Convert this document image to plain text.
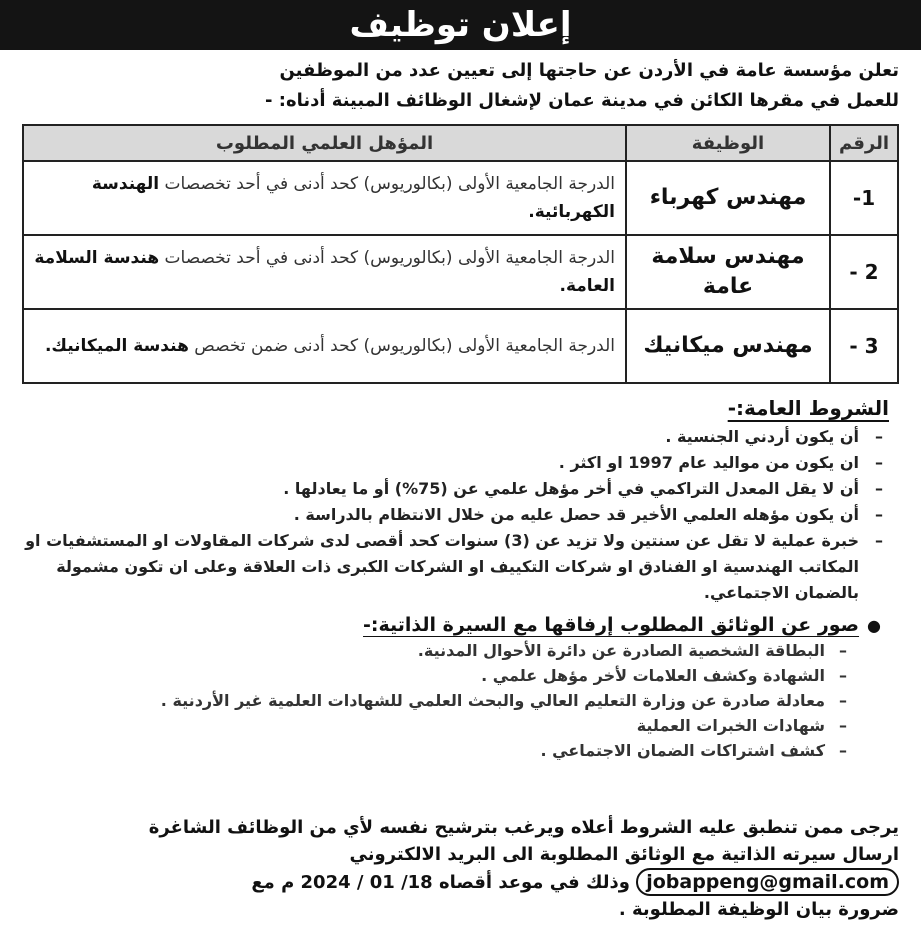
إعلان توظيف
تعلن مؤسسة عامة في الأردن عن حاجتها إلى تعيين عدد من الموظفين
للعمل في مقرها الكائن في مدينة عمان لإشغال الوظائف المبينة أدناه: -
الرقم	الوظيفة	المؤهل العلمي المطلوب
1-	مهندس كهرباء	الدرجة الجامعية الأولى (بكالوريوس) كحد أدنى في أحد تخصصات الهندسة الكهربائية.
2 -	مهندس سلامة عامة	الدرجة الجامعية الأولى (بكالوريوس) كحد أدنى في أحد تخصصات هندسة السلامة العامة.
3 -	مهندس ميكانيك	الدرجة الجامعية الأولى (بكالوريوس) كحد أدنى ضمن تخصص هندسة الميكانيك.
الشروط العامة:-
– أن يكون أردني الجنسية .
– ان يكون من مواليد عام 1997 او اكثر .
– أن لا يقل المعدل التراكمي في أخر مؤهل علمي عن (75%) أو ما يعادلها .
– أن يكون مؤهله العلمي الأخير قد حصل عليه من خلال الانتظام بالدراسة .
– خبرة عملية لا تقل عن سنتين ولا تزيد عن (3) سنوات كحد أقصى لدى شركات المقاولات او المستشفيات او المكاتب الهندسية او الفنادق او شركات التكييف او الشركات الكبرى ذات العلاقة وعلى ان تكون مشمولة بالضمان الاجتماعي.
●صور عن الوثائق المطلوب إرفاقها مع السيرة الذاتية:-
– البطاقة الشخصية الصادرة عن دائرة الأحوال المدنية.
– الشهادة وكشف العلامات لأخر مؤهل علمي .
– معادلة صادرة عن وزارة التعليم العالي والبحث العلمي للشهادات العلمية غير الأردنية .
– شهادات الخبرات العملية
– كشف اشتراكات الضمان الاجتماعي .
يرجى ممن تنطبق عليه الشروط أعلاه ويرغب بترشيح نفسه لأي من الوظائف الشاغرة
ارسال سيرته الذاتية مع الوثائق المطلوبة الى البريد الالكتروني
jobappeng@gmail.com وذلك في موعد أقصاه 18/ 01 / 2024 م مع
ضرورة بيان الوظيفة المطلوبة .
